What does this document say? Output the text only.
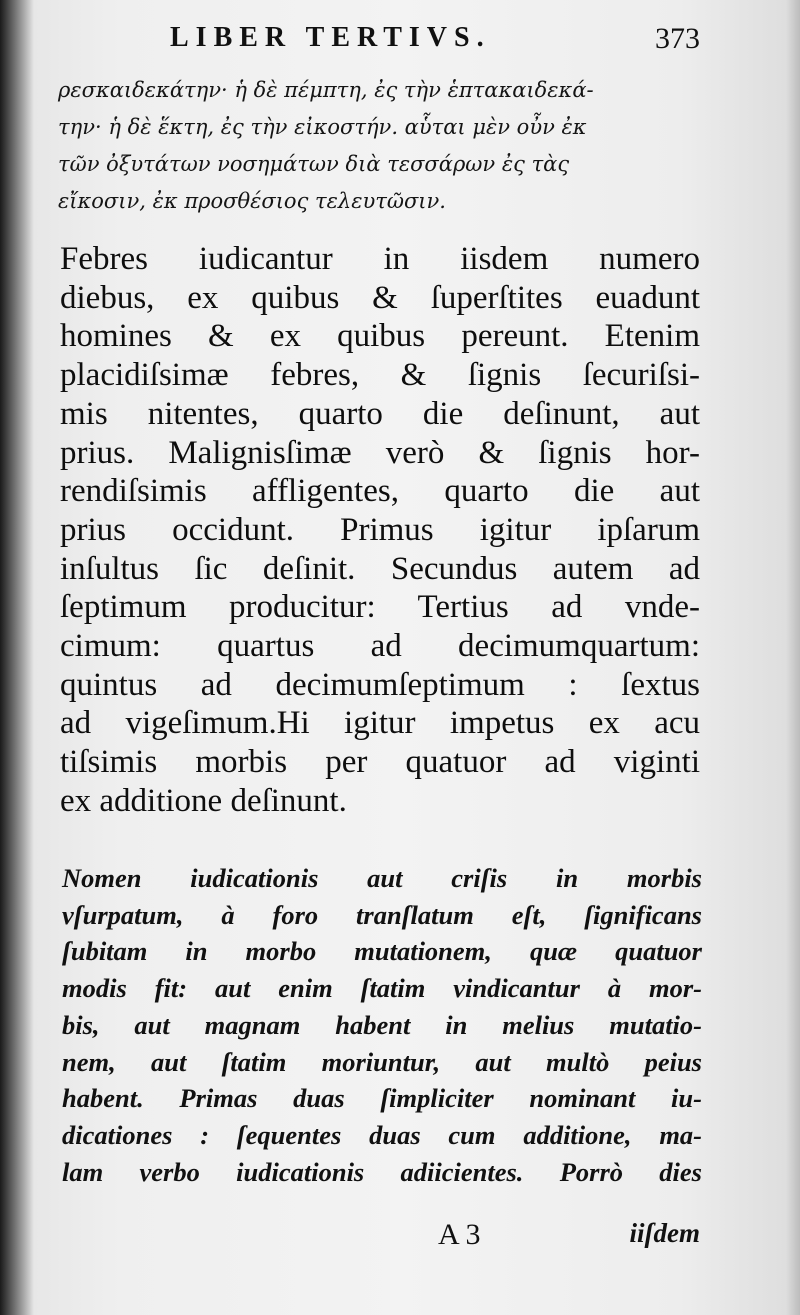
LIBER TERTIVS.	373
ρεσκαιδεκάτην· ἡ δὲ πέμπτη, ἐς τὴν ἑπτακαιδεκά-
την· ἡ δὲ ἕκτη, ἐς τὴν εἰκοστήν. αὗται μὲν οὖν ἐκ
τῶν ὀξυτάτων νοσημάτων διὰ τεσσάρων ἐς τὰς
εἴκοσιν, ἐκ προσθέσιος τελευτῶσιν.
Febres iudicantur in iisdem numero
diebus, ex quibus & ſuperſtites euadunt
homines & ex quibus pereunt. Etenim
placidiſsimæ febres, & ſignis ſecuriſsi-
mis nitentes, quarto die deſinunt, aut
prius. Malignisſimæ verò & ſignis hor-
rendiſsimis affligentes, quarto die aut
prius occidunt. Primus igitur ipſarum
inſultus ſic deſinit. Secundus autem ad
ſeptimum producitur: Tertius ad vnde-
cimum: quartus ad decimumquartum:
quintus ad decimumſeptimum : ſextus
ad vigeſimum.Hi igitur impetus ex acu
tiſsimis morbis per quatuor ad viginti
ex additione deſinunt.
Nomen iudicationis aut criſis in morbis
vſurpatum, à foro tranſlatum eſt, ſignificans
ſubitam in morbo mutationem, quæ quatuor
modis fit: aut enim ſtatim vindicantur à mor-
bis, aut magnam habent in melius mutatio-
nem, aut ſtatim moriuntur, aut multò peius
habent. Primas duas ſimpliciter nominant iu-
dicationes : ſequentes duas cum additione, ma-
lam verbo iudicationis adiicientes. Porrò dies
A 3	iiſdem
